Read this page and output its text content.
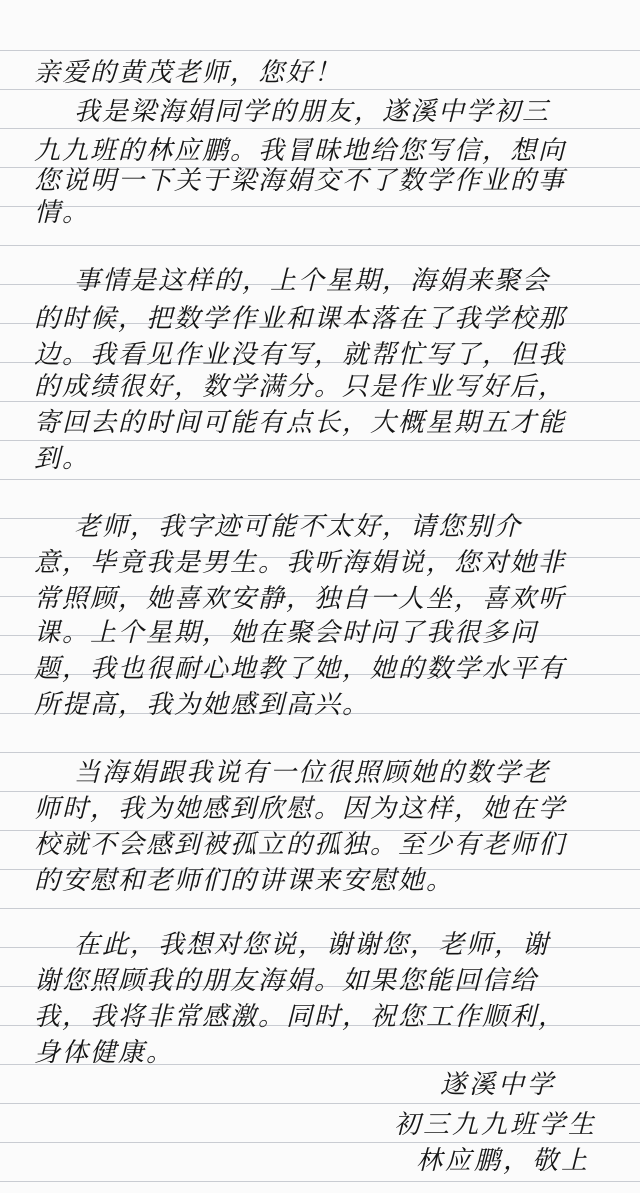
亲爱的黄茂老师，您好！
我是梁海娟同学的朋友，遂溪中学初三
九九班的林应鹏。我冒昧地给您写信，想向
您说明一下关于梁海娟交不了数学作业的事
情。
事情是这样的，上个星期，海娟来聚会
的时候，把数学作业和课本落在了我学校那
边。我看见作业没有写，就帮忙写了，但我
的成绩很好，数学满分。只是作业写好后，
寄回去的时间可能有点长，大概星期五才能
到。
老师，我字迹可能不太好，请您别介
意，毕竟我是男生。我听海娟说，您对她非
常照顾，她喜欢安静，独自一人坐，喜欢听
课。上个星期，她在聚会时问了我很多问
题，我也很耐心地教了她，她的数学水平有
所提高，我为她感到高兴。
当海娟跟我说有一位很照顾她的数学老
师时，我为她感到欣慰。因为这样，她在学
校就不会感到被孤立的孤独。至少有老师们
的安慰和老师们的讲课来安慰她。
在此，我想对您说，谢谢您，老师，谢
谢您照顾我的朋友海娟。如果您能回信给
我，我将非常感激。同时，祝您工作顺利，
身体健康。
遂溪中学
初三九九班学生
林应鹏，敬上
